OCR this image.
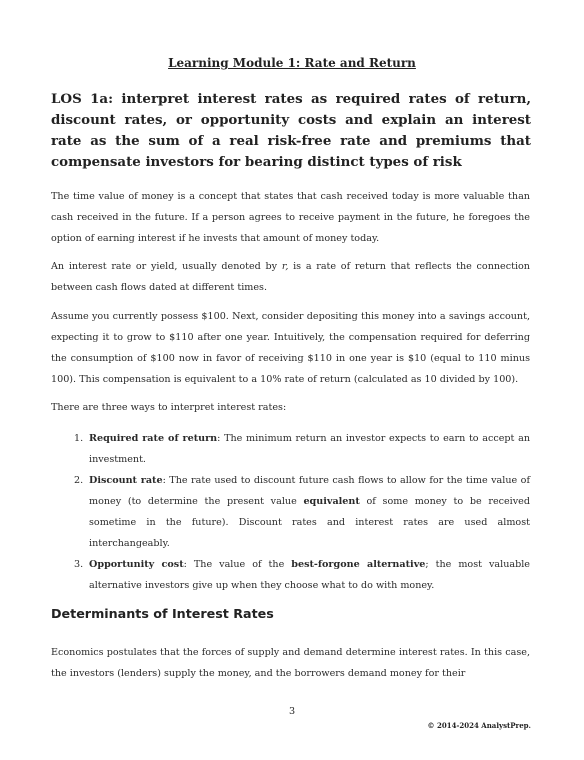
Learning Module 1: Rate and Return
LOS 1a: interpret interest rates as required rates of return, discount rates, or opportunity costs and explain an interest rate as the sum of a real risk-free rate and premiums that compensate investors for bearing distinct types of risk
The time value of money is a concept that states that cash received today is more valuable than cash received in the future. If a person agrees to receive payment in the future, he foregoes the option of earning interest if he invests that amount of money today.
An interest rate or yield, usually denoted by r, is a rate of return that reflects the connection between cash flows dated at different times.
Assume you currently possess $100. Next, consider depositing this money into a savings account, expecting it to grow to $110 after one year. Intuitively, the compensation required for deferring the consumption of $100 now in favor of receiving $110 in one year is $10 (equal to 110 minus 100). This compensation is equivalent to a 10% rate of return (calculated as 10 divided by 100).
There are three ways to interpret interest rates:
1. Required rate of return: The minimum return an investor expects to earn to accept an investment.
2. Discount rate: The rate used to discount future cash flows to allow for the time value of money (to determine the present value equivalent of some money to be received sometime in the future). Discount rates and interest rates are used almost interchangeably.
3. Opportunity cost: The value of the best-forgone alternative; the most valuable alternative investors give up when they choose what to do with money.
Determinants of Interest Rates
Economics postulates that the forces of supply and demand determine interest rates. In this case, the investors (lenders) supply the money, and the borrowers demand money for their
3
© 2014-2024 AnalystPrep.
